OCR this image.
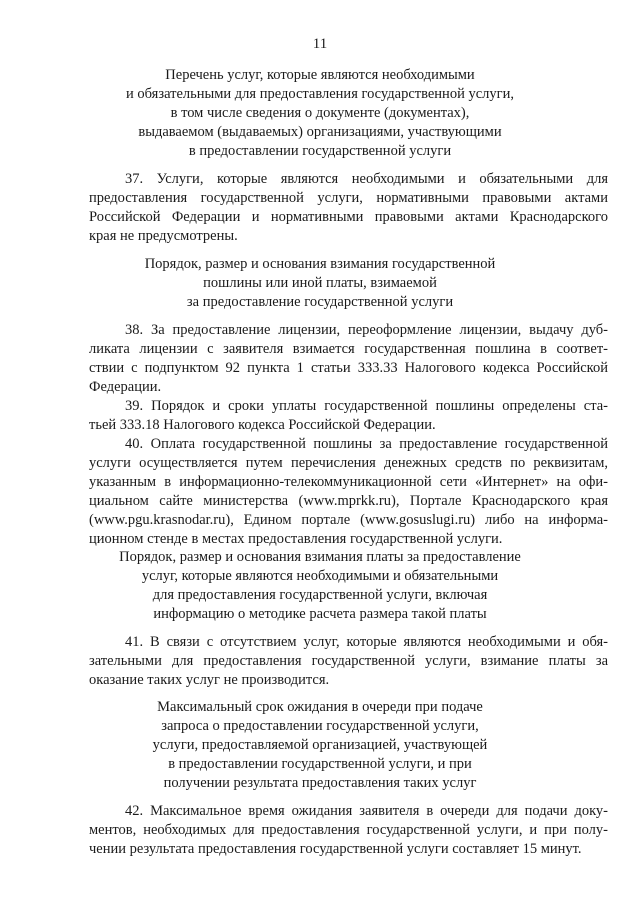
11
Перечень услуг, которые являются необходимыми
и обязательными для предоставления государственной услуги,
в том числе сведения о документе (документах),
выдаваемом (выдаваемых) организациями, участвующими
в предоставлении государственной услуги
37. Услуги, которые являются необходимыми и обязательными для
предоставления государственной услуги, нормативными правовыми актами
Российской Федерации и нормативными правовыми актами Краснодарского
края не предусмотрены.
Порядок, размер и основания взимания государственной
пошлины или иной платы, взимаемой
за предоставление государственной услуги
38. За предоставление лицензии, переоформление лицензии, выдачу дуб-
ликата лицензии с заявителя взимается государственная пошлина в соответ-
ствии с подпунктом 92 пункта 1 статьи 333.33 Налогового кодекса Российской
Федерации.
39. Порядок и сроки уплаты государственной пошлины определены ста-
тьей 333.18 Налогового кодекса Российской Федерации.
40. Оплата государственной пошлины за предоставление государственной
услуги осуществляется путем перечисления денежных средств по реквизитам,
указанным в информационно-телекоммуникационной сети «Интернет» на офи-
циальном сайте министерства (www.mprkk.ru), Портале Краснодарского края
(www.pgu.krasnodar.ru), Едином портале (www.gosuslugi.ru) либо на информа-
ционном стенде в местах предоставления государственной услуги.
Порядок, размер и основания взимания платы за предоставление
услуг, которые являются необходимыми и обязательными
для предоставления государственной услуги, включая
информацию о методике расчета размера такой платы
41. В связи с отсутствием услуг, которые являются необходимыми и обя-
зательными для предоставления государственной услуги, взимание платы за
оказание таких услуг не производится.
Максимальный срок ожидания в очереди при подаче
запроса о предоставлении государственной услуги,
услуги, предоставляемой организацией, участвующей
в предоставлении государственной услуги, и при
получении результата предоставления таких услуг
42. Максимальное время ожидания заявителя в очереди для подачи доку-
ментов, необходимых для предоставления государственной услуги, и при полу-
чении результата предоставления государственной услуги составляет 15 минут.
